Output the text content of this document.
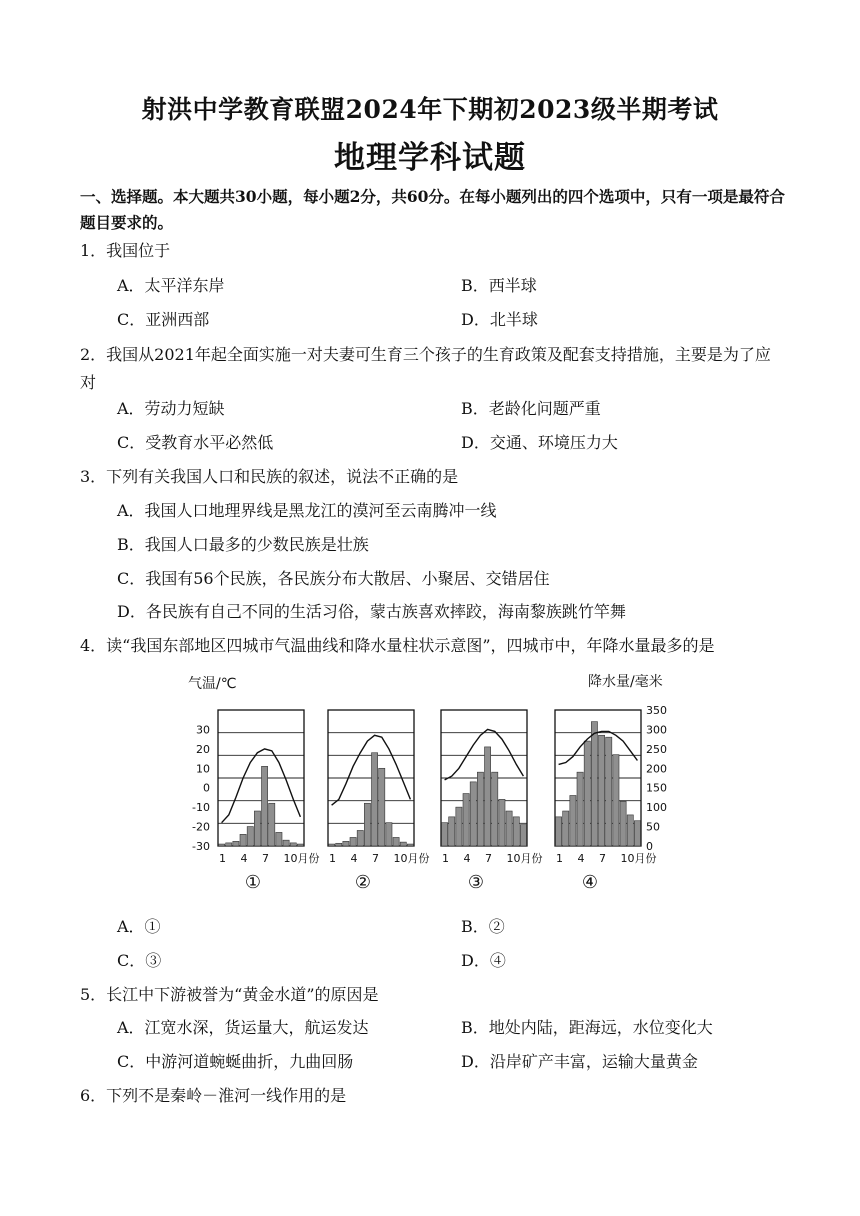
射洪中学教育联盟2024年下期初2023级半期考试
地理学科试题
一、选择题。本大题共30小题，每小题2分，共60分。在每小题列出的四个选项中，只有一项是最符合题目要求的。
1．我国位于
A．太平洋东岸	B．西半球
C．亚洲西部	D．北半球
2．我国从2021年起全面实施一对夫妻可生育三个孩子的生育政策及配套支持措施，主要是为了应对
A．劳动力短缺	B．老龄化问题严重
C．受教育水平必然低	D．交通、环境压力大
3．下列有关我国人口和民族的叙述，说法不正确的是
A．我国人口地理界线是黑龙江的漠河至云南腾冲一线
B．我国人口最多的少数民族是壮族
C．我国有56个民族，各民族分布大散居、小聚居、交错居住
D．各民族有自己不同的生活习俗，蒙古族喜欢摔跤，海南黎族跳竹竿舞
4．读“我国东部地区四城市气温曲线和降水量柱状示意图”，四城市中，年降水量最多的是
气温/℃	降水量/毫米
30
20
10
0
-10
-20
-30
350
300
250
200
150
100
50
0
1 4 7 10月份
①
1 4 7 10月份
②
1 4 7 10月份
③
1 4 7 10月份
④
A．①	B．②
C．③	D．④
5．长江中下游被誉为“黄金水道”的原因是
A．江宽水深，货运量大，航运发达	B．地处内陆，距海远，水位变化大
C．中游河道蜿蜒曲折，九曲回肠	D．沿岸矿产丰富，运输大量黄金
6．下列不是秦岭－淮河一线作用的是
